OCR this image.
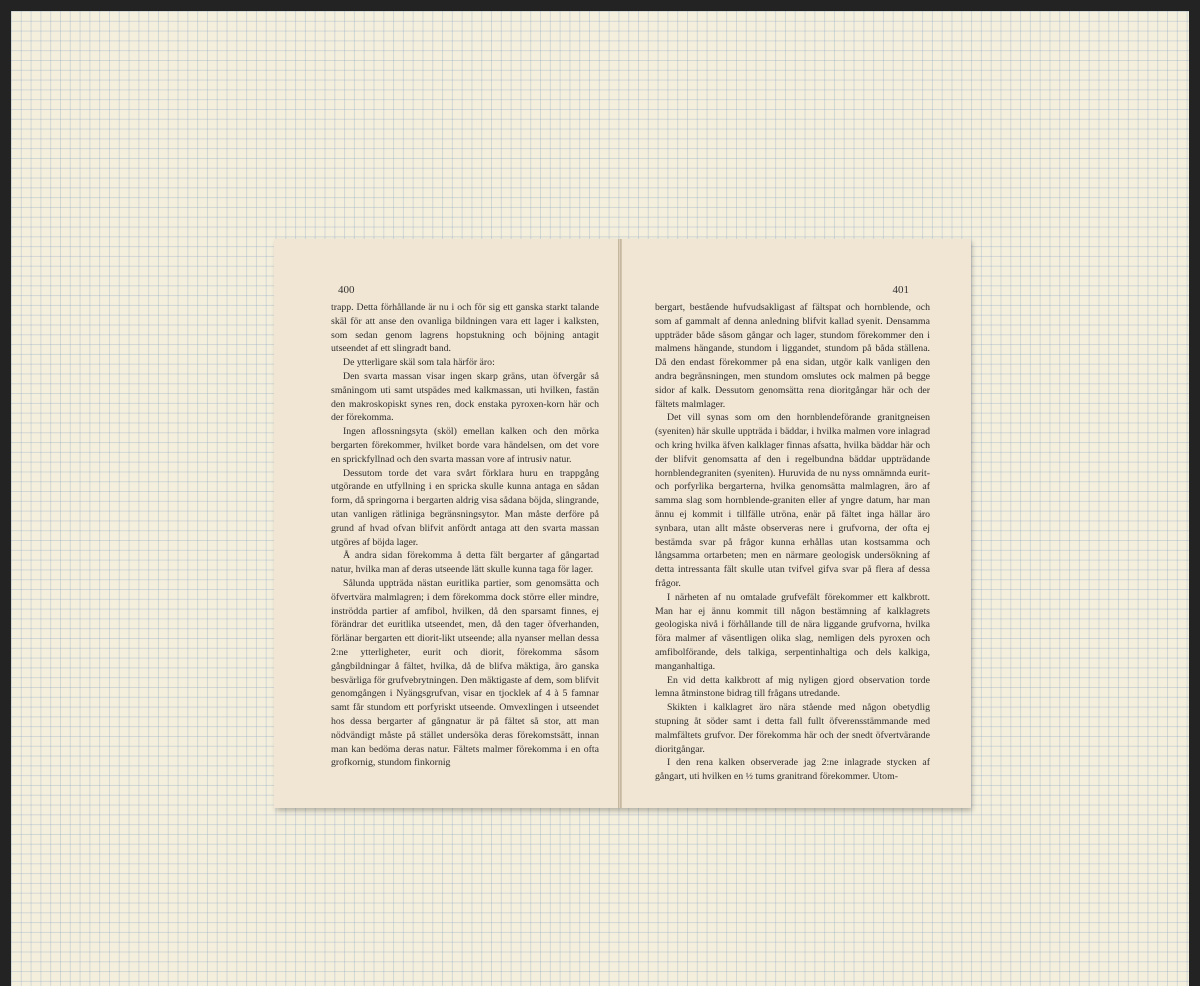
400

trapp. Detta förhållande är nu i och för sig ett ganska starkt talande skäl för att anse den ovanliga bildningen vara ett lager i kalksten, som sedan genom lagrens hopstukning och böjning antagit utseendet af ett slingradt band.

De ytterligare skäl som tala härför äro:

Den svarta massan visar ingen skarp gräns, utan öfvergår så småningom uti samt utspädes med kalkmassan, uti hvilken, fastän den makroskopiskt synes ren, dock enstaka pyroxen-korn här och der förekomma.

Ingen aflossningsyta (sköl) emellan kalken och den mörka bergarten förekommer, hvilket borde vara händelsen, om det vore en sprickfyllnad och den svarta massan vore af intrusiv natur.

Dessutom torde det vara svårt förklara huru en trappgång utgörande en utfyllning i en spricka skulle kunna antaga en sådan form, då springorna i bergarten aldrig visa sådana böjda, slingrande, utan vanligen rätliniga begränsningsytor. Man måste derföre på grund af hvad ofvan blifvit anfördt antaga att den svarta massan utgöres af böjda lager.

Å andra sidan förekomma å detta fält bergarter af gångartad natur, hvilka man af deras utseende lätt skulle kunna taga för lager.

Sålunda uppträda nästan euritlika partier, som genomsätta och öfvertvära malmlagren; i dem förekomma dock större eller mindre, inströdda partier af amfibol, hvilken, då den sparsamt finnes, ej förändrar det euritlika utseendet, men, då den tager öfverhanden, förlänar bergarten ett diorit-likt utseende; alla nyanser mellan dessa 2:ne ytterligheter, eurit och diorit, förekomma såsom gångbildningar å fältet, hvilka, då de blifva mäktiga, äro ganska besvärliga för grufvebrytningen. Den mäktigaste af dem, som blifvit genomgången i Nyängsgrufvan, visar en tjocklek af 4 à 5 famnar samt får stundom ett porfyriskt utseende. Omvexlingen i utseendet hos dessa bergarter af gångnatur är på fältet så stor, att man nödvändigt måste på stället undersöka deras förekomstsätt, innan man kan bedöma deras natur. Fältets malmer förekomma i en ofta grofkornig, stundom finkornig

401

bergart, bestående hufvudsakligast af fältspat och hornblende, och som af gammalt af denna anledning blifvit kallad syenit. Densamma uppträder både såsom gångar och lager, stundom förekommer den i malmens hängande, stundom i liggandet, stundom på båda ställena. Då den endast förekommer på ena sidan, utgör kalk vanligen den andra begränsningen, men stundom omslutes ock malmen på begge sidor af kalk. Dessutom genomsätta rena dioritgångar här och der fältets malmlager.

Det vill synas som om den hornblendeförande granitgneisen (syeniten) här skulle uppträda i bäddar, i hvilka malmen vore inlagrad och kring hvilka äfven kalklager finnas afsatta, hvilka bäddar här och der blifvit genomsatta af den i regelbundna bäddar uppträdande hornblendegraniten (syeniten). Huruvida de nu nyss omnämnda eurit- och porfyrlika bergarterna, hvilka genomsätta malmlagren, äro af samma slag som hornblende-graniten eller af yngre datum, har man ännu ej kommit i tillfälle utröna, enär på fältet inga hällar äro synbara, utan allt måste observeras nere i grufvorna, der ofta ej bestämda svar på frågor kunna erhållas utan kostsamma och långsamma ortarbeten; men en närmare geologisk undersökning af detta intressanta fält skulle utan tvifvel gifva svar på flera af dessa frågor.

I närheten af nu omtalade grufvefält förekommer ett kalkbrott. Man har ej ännu kommit till någon bestämning af kalklagrets geologiska nivå i förhållande till de nära liggande grufvorna, hvilka föra malmer af väsentligen olika slag, nemligen dels pyroxen och amfibolförande, dels talkiga, serpentinhaltiga och dels kalkiga, manganhaltiga.

En vid detta kalkbrott af mig nyligen gjord observation torde lemna åtminstone bidrag till frågans utredande.

Skikten i kalklagret äro nära stående med någon obetydlig stupning åt söder samt i detta fall fullt öfverensstämmande med malmfältets grufvor. Der förekomma här och der snedt öfvertvärande dioritgångar.

I den rena kalken observerade jag 2:ne inlagrade stycken af gångart, uti hvilken en ½ tums granitrand förekommer. Utom-
